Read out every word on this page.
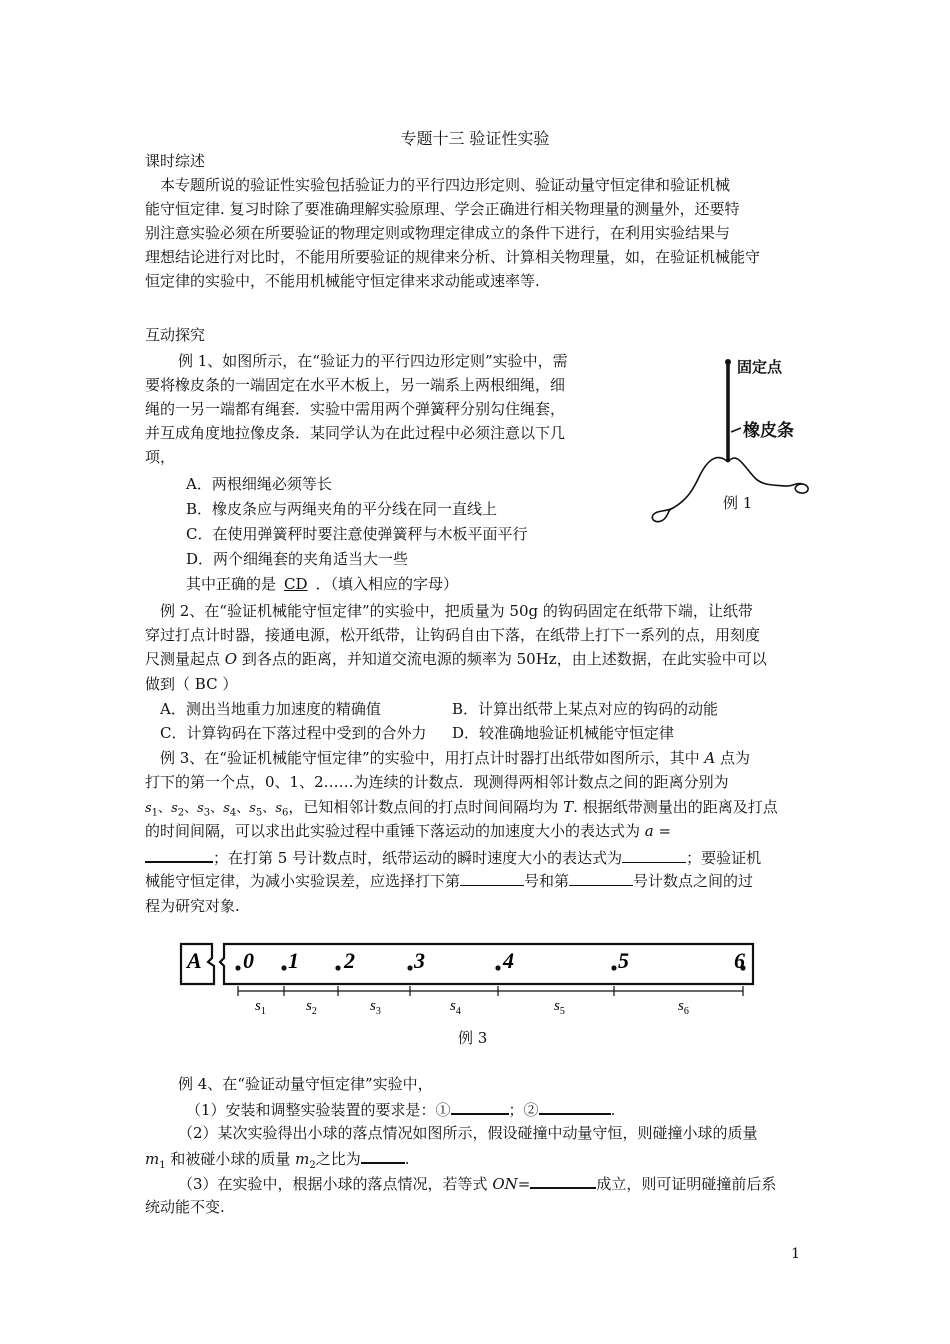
专题十三 验证性实验
课时综述
本专题所说的验证性实验包括验证力的平行四边形定则、验证动量守恒定律和验证机械
能守恒定律. 复习时除了要准确理解实验原理、学会正确进行相关物理量的测量外，还要特
别注意实验必须在所要验证的物理定则或物理定律成立的条件下进行，在利用实验结果与
理想结论进行对比时，不能用所要验证的规律来分析、计算相关物理量，如，在验证机械能守
恒定律的实验中，不能用机械能守恒定律来求动能或速率等.
互动探究
例 1、如图所示，在“验证力的平行四边形定则”实验中，需
要将橡皮条的一端固定在水平木板上，另一端系上两根细绳，细
绳的一另一端都有绳套．实验中需用两个弹簧秤分别勾住绳套，
并互成角度地拉像皮条．某同学认为在此过程中必须注意以下几
项，
A．两根细绳必须等长
B．橡皮条应与两绳夹角的平分线在同一直线上
C．在使用弹簧秤时要注意使弹簧秤与木板平面平行
D．两个细绳套的夹角适当大一些
其中正确的是 CD ．（填入相应的字母）
固定点
橡皮条
例 1
例 2、在“验证机械能守恒定律”的实验中，把质量为 50g 的钩码固定在纸带下端，让纸带
穿过打点计时器，接通电源，松开纸带，让钩码自由下落，在纸带上打下一系列的点，用刻度
尺测量起点 O 到各点的距离，并知道交流电源的频率为 50Hz，由上述数据，在此实验中可以
做到（ BC ）
A．测出当地重力加速度的精确值	B．计算出纸带上某点对应的钩码的动能
C．计算钩码在下落过程中受到的合外力 D．较准确地验证机械能守恒定律
例 3、在“验证机械能守恒定律”的实验中，用打点计时器打出纸带如图所示，其中 A 点为
打下的第一个点，0、1、2……为连续的计数点．现测得两相邻计数点之间的距离分别为
$s_1$、$s_2$、$s_3$、$s_4$、$s_5$、$s_6$，已知相邻计数点间的打点时间间隔均为 T. 根据纸带测量出的距离及打点
的时间间隔，可以求出此实验过程中重锤下落运动的加速度大小的表达式为 a =
；在打第 5 号计数点时，纸带运动的瞬时速度大小的表达式为	；要验证机
械能守恒定律，为减小实验误差，应选择打下第	号和第	号计数点之间的过
程为研究对象.
A 0 1 2	3	4	5	6
$s_1$	$s_2$	$s_3$	$s_4$	$s_5$	$s_6$
例 3
例 4、在“验证动量守恒定律”实验中，
（1）安装和调整实验装置的要求是：①	；②	.
（2）某次实验得出小球的落点情况如图所示，假设碰撞中动量守恒，则碰撞小球的质量
$m_1$ 和被碰小球的质量 $m_2$之比为	.
（3）在实验中，根据小球的落点情况，若等式 ON=	成立，则可证明碰撞前后系
统动能不变.
1
